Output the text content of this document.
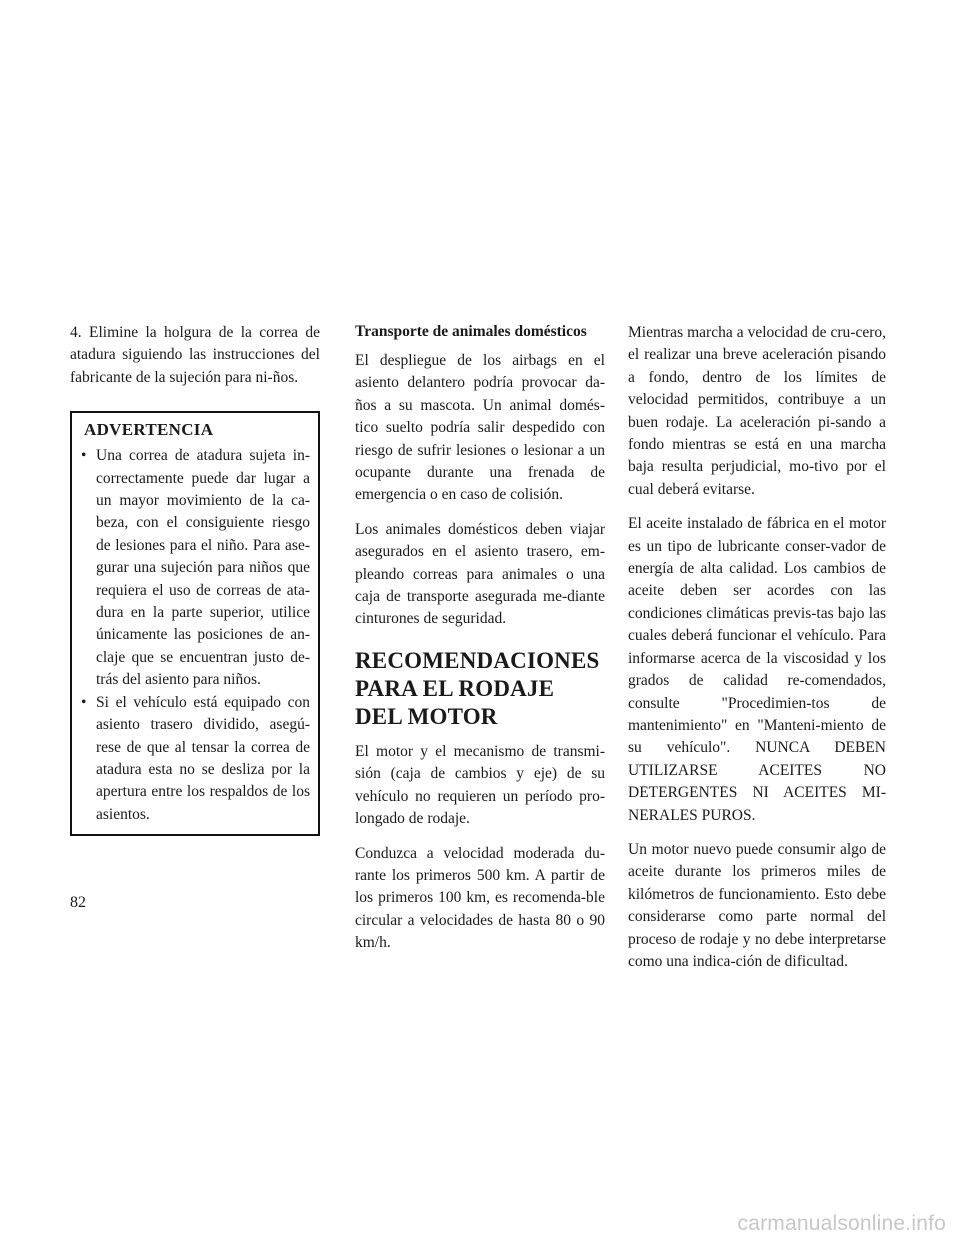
4. Elimine la holgura de la correa de atadura siguiendo las instrucciones del fabricante de la sujeción para ni-ños.

ADVERTENCIA
• Una correa de atadura sujeta in-correctamente puede dar lugar a un mayor movimiento de la ca-beza, con el consiguiente riesgo de lesiones para el niño. Para ase-gurar una sujeción para niños que requiera el uso de correas de ata-dura en la parte superior, utilice únicamente las posiciones de an-claje que se encuentran justo de-trás del asiento para niños.
• Si el vehículo está equipado con asiento trasero dividido, asegú-rese de que al tensar la correa de atadura esta no se desliza por la apertura entre los respaldos de los asientos.
Transporte de animales domésticos

El despliegue de los airbags en el asiento delantero podría provocar da-ños a su mascota. Un animal domés-tico suelto podría salir despedido con riesgo de sufrir lesiones o lesionar a un ocupante durante una frenada de emergencia o en caso de colisión.

Los animales domésticos deben viajar asegurados en el asiento trasero, em-pleando correas para animales o una caja de transporte asegurada me-diante cinturones de seguridad.

RECOMENDACIONES PARA EL RODAJE DEL MOTOR

El motor y el mecanismo de transmi-sión (caja de cambios y eje) de su vehículo no requieren un período pro-longado de rodaje.

Conduzca a velocidad moderada du-rante los primeros 500 km. A partir de los primeros 100 km, es recomenda-ble circular a velocidades de hasta 80 o 90 km/h.

Mientras marcha a velocidad de cru-cero, el realizar una breve aceleración pisando a fondo, dentro de los límites de velocidad permitidos, contribuye a un buen rodaje. La aceleración pi-sando a fondo mientras se está en una marcha baja resulta perjudicial, mo-tivo por el cual deberá evitarse.

El aceite instalado de fábrica en el motor es un tipo de lubricante conser-vador de energía de alta calidad. Los cambios de aceite deben ser acordes con las condiciones climáticas previs-tas bajo las cuales deberá funcionar el vehículo. Para informarse acerca de la viscosidad y los grados de calidad re-comendados, consulte "Procedimien-tos de mantenimiento" en "Manteni-miento de su vehículo". NUNCA DEBEN UTILIZARSE ACEITES NO DETERGENTES NI ACEITES MI-NERALES PUROS.

Un motor nuevo puede consumir algo de aceite durante los primeros miles de kilómetros de funcionamiento. Esto debe considerarse como parte normal del proceso de rodaje y no debe interpretarse como una indica-ción de dificultad.

82
carmanualsonline.info
